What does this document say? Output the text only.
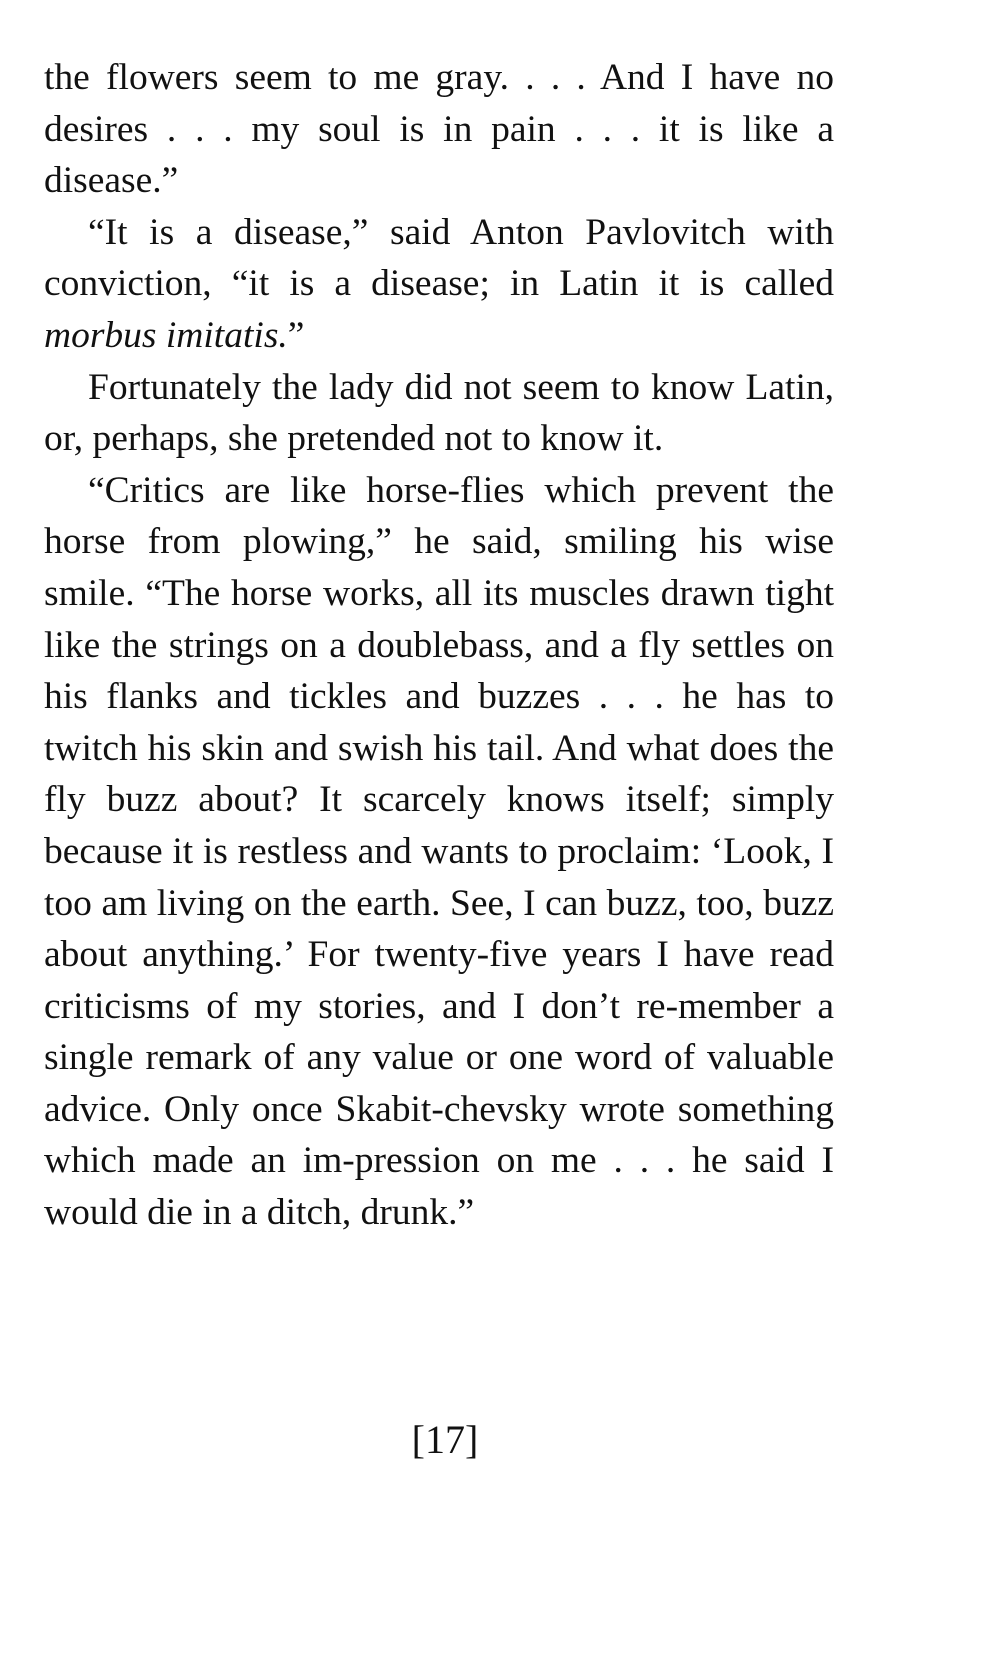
the flowers seem to me gray. . . . And I have no desires . . . my soul is in pain . . . it is like a disease.”

“It is a disease,” said Anton Pavlovitch with conviction, “it is a disease; in Latin it is called morbus imitatis.”

Fortunately the lady did not seem to know Latin, or, perhaps, she pretended not to know it.

“Critics are like horse-flies which prevent the horse from plowing,” he said, smiling his wise smile. “The horse works, all its muscles drawn tight like the strings on a doublebass, and a fly settles on his flanks and tickles and buzzes . . . he has to twitch his skin and swish his tail. And what does the fly buzz about? It scarcely knows itself; simply because it is restless and wants to proclaim: ‘Look, I too am living on the earth. See, I can buzz, too, buzz about anything.’ For twenty-five years I have read criticisms of my stories, and I don’t re-member a single remark of any value or one word of valuable advice. Only once Skabit-chevsky wrote something which made an im-pression on me . . . he said I would die in a ditch, drunk.”

[17]
